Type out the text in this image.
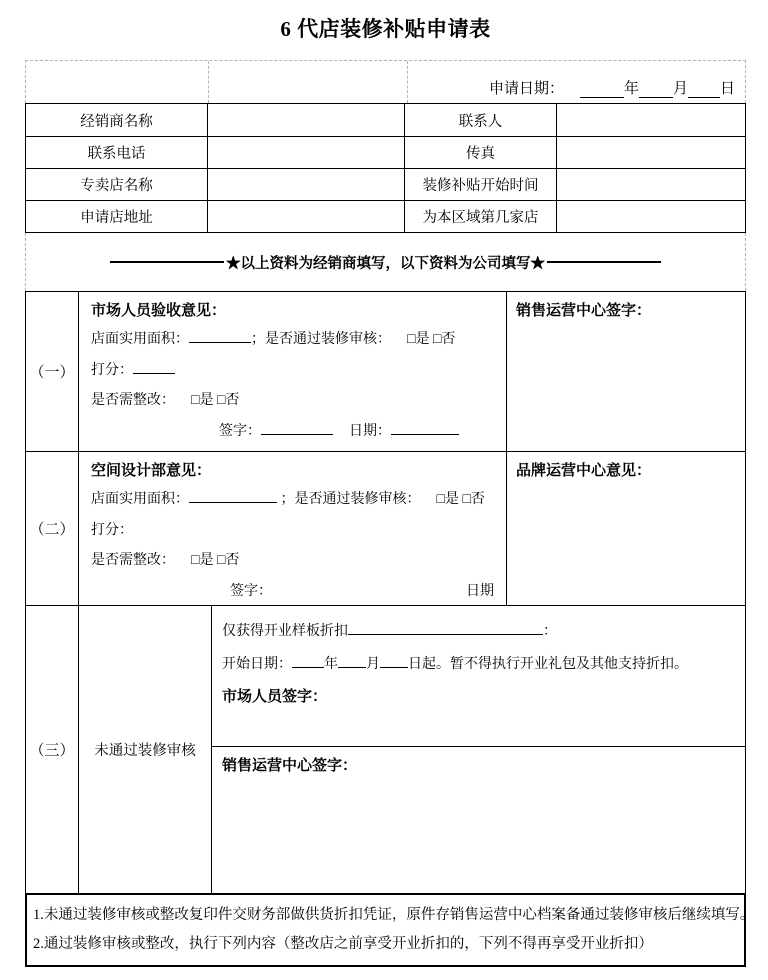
6 代店装修补贴申请表
申请日期：	年 月 日
经销商名称	联系人
联系电话	传真
专卖店名称	装修补贴开始时间
申请店地址	为本区域第几家店
★以上资料为经销商填写，以下资料为公司填写★
（一）
市场人员验收意见：
店面实用面积：	；是否通过装修审核： □是 □否
打分：
是否需整改： □是 □否
签字：	日期：
销售运营中心签字：
（二）
空间设计部意见：
店面实用面积：	；是否通过装修审核： □是 □否
打分：
是否需整改： □是 □否
签字：	日期
品牌运营中心意见：
（三）	未通过装修审核
仅获得开业样板折扣	：
开始日期： 年 月 日起。暂不得执行开业礼包及其他支持折扣。
市场人员签字：
销售运营中心签字：
1.未通过装修审核或整改复印件交财务部做供货折扣凭证，原件存销售运营中心档案备通过装修审核后继续填写。
2.通过装修审核或整改，执行下列内容（整改店之前享受开业折扣的，下列不得再享受开业折扣）
